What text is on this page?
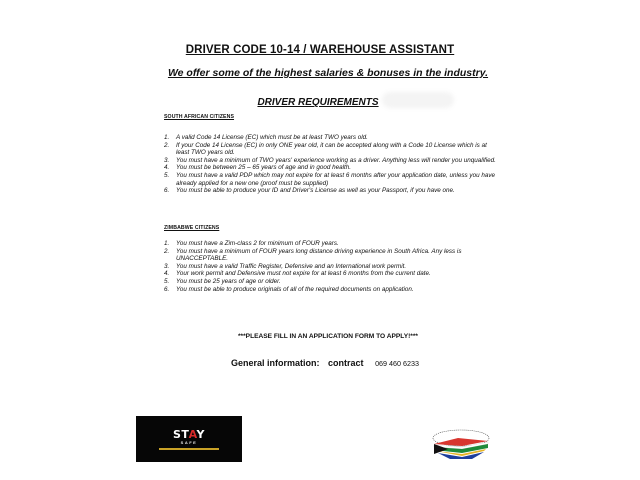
DRIVER CODE 10-14 / WAREHOUSE ASSISTANT
We offer some of the highest salaries & bonuses in the industry.
DRIVER REQUIREMENTS
SOUTH AFRICAN CITIZENS
1. A valid Code 14 License (EC) which must be at least TWO years old.
2. If your Code 14 License (EC) in only ONE year old, it can be accepted along with a Code 10 License which is at least TWO years old.
3. You must have a minimum of TWO years' experience working as a driver. Anything less will render you unqualified.
4. You must be between 25 – 65 years of age and in good health.
5. You must have a valid PDP which may not expire for at least 6 months after your application date, unless you have already applied for a new one (proof must be supplied)
6. You must be able to produce your ID and Driver's License as well as your Passport, if you have one.
ZIMBABWE CITIZENS
1. You must have a Zim-class 2 for minimum of FOUR years.
2. You must have a minimum of FOUR years long distance driving experience in South Africa. Any less is UNACCEPTABLE.
3. You must have a valid Traffic Register, Defensive and an International work permit.
4. Your work permit and Defensive must not expire for at least 6 months from the current date.
5. You must be 25 years of age or older.
6. You must be able to produce originals of all of the required documents on application.
***PLEASE FILL IN AN APPLICATION FORM TO APPLY!***
General information: contract 069 460 6233
STAY
SAFE
